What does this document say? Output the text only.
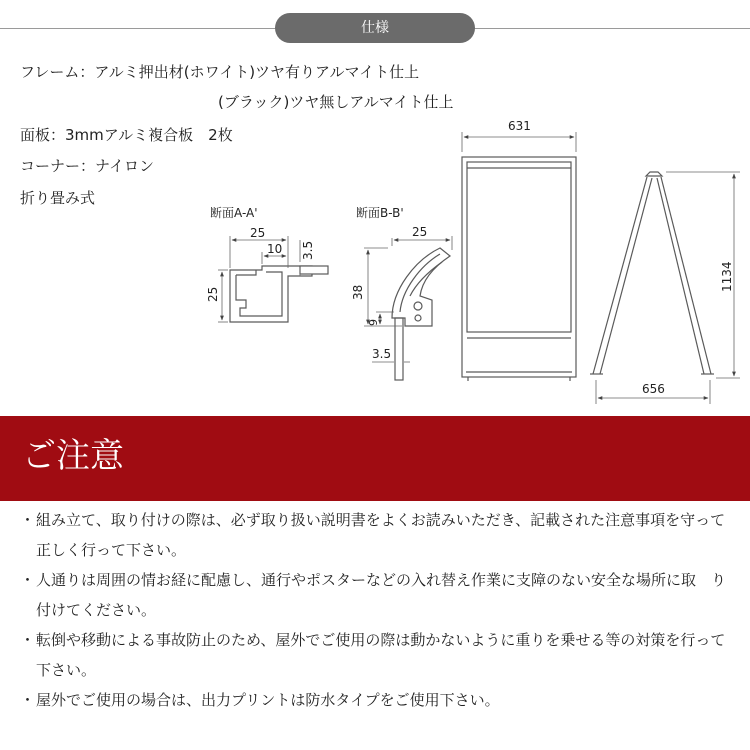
仕様
フレーム：アルミ押出材(ホワイト)ツヤ有りアルマイト仕上
(ブラック)ツヤ無しアルマイト仕上
面板：3mmアルミ複合板　2枚
コーナー：ナイロン
折り畳み式
断面A-A'
25
10 3.5
25
断面B-B'
25
38
9
3.5
631
1134
656
ご注意
・ 組み立て、取り付けの際は、必ず取り扱い説明書をよくお読みいただき、記載された注意事項を守って正しく行って下さい。
・ 人通りは周囲の情お経に配慮し、通行やポスターなどの入れ替え作業に支障のない安全な場所に取　り付けてください。
・ 転倒や移動による事故防止のため、屋外でご使用の際は動かないように重りを乗せる等の対策を行って下さい。
・ 屋外でご使用の場合は、出力プリントは防水タイプをご使用下さい。
